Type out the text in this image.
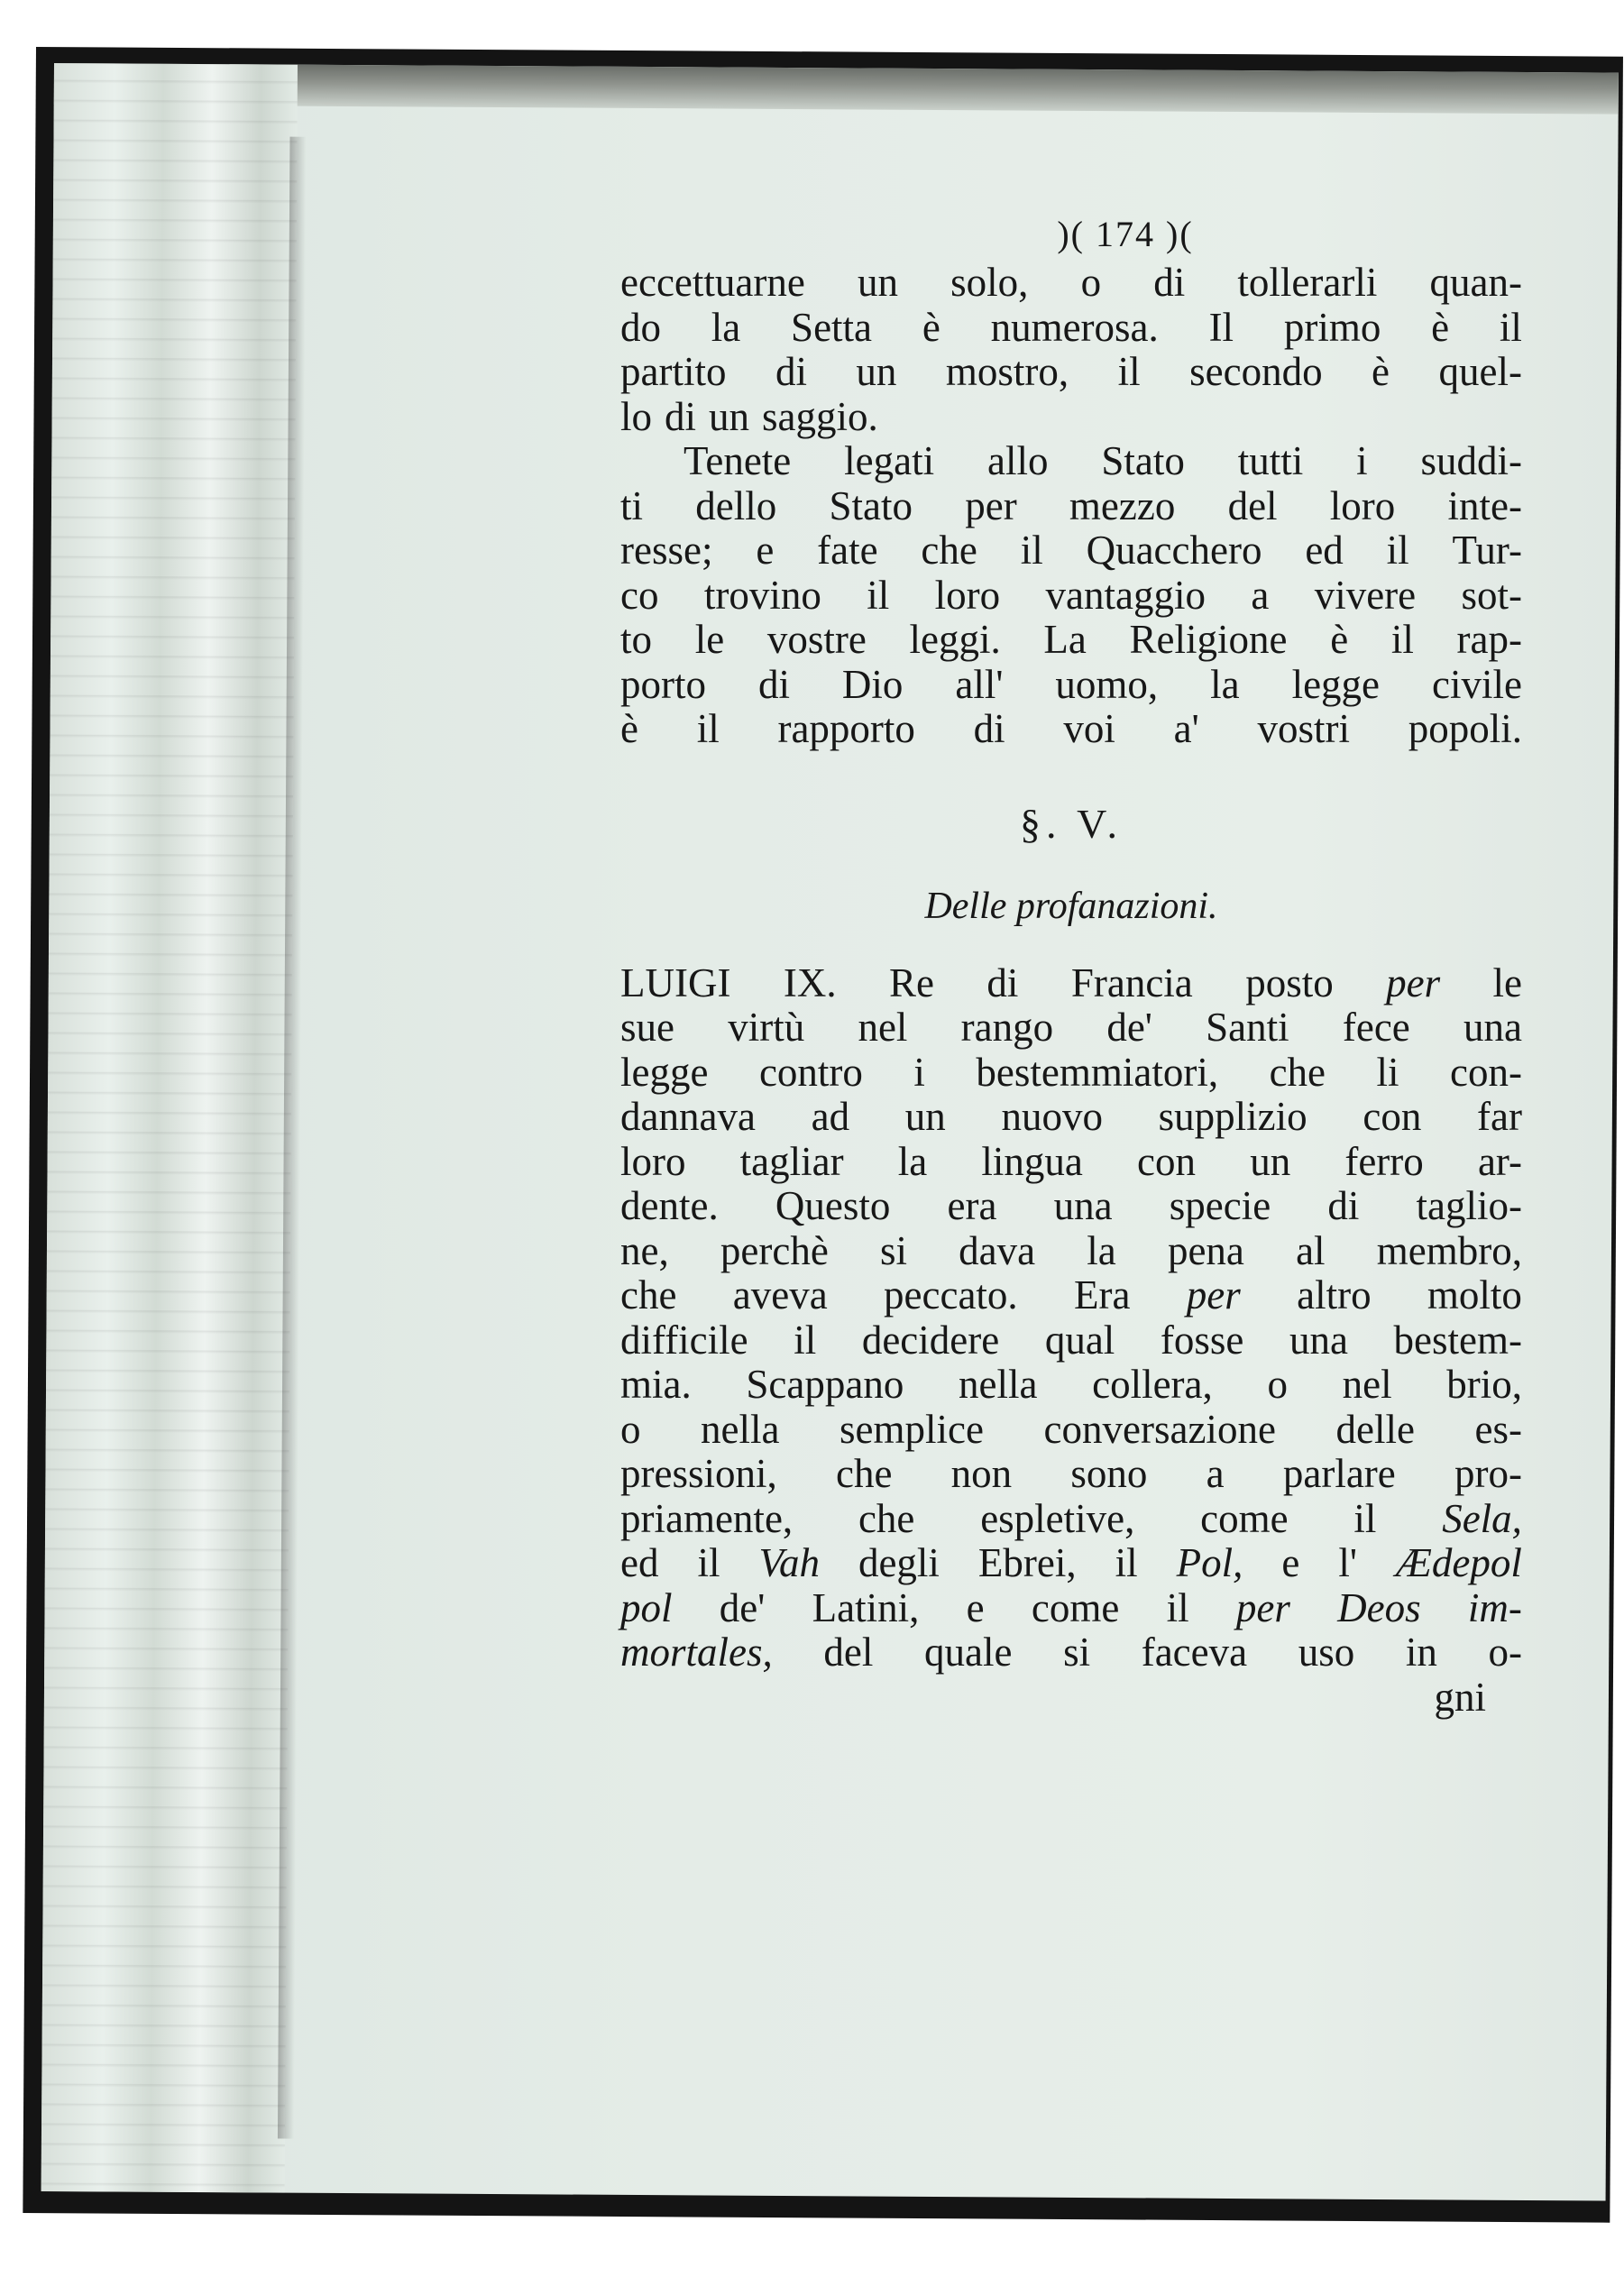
)( 174 )(
eccettuarne un solo, o di tollerarli quan-
do la Setta è numerosa. Il primo è il
partito di un mostro, il secondo è quel-
lo di un saggio.
Tenete legati allo Stato tutti i suddi-
ti dello Stato per mezzo del loro inte-
resse; e fate che il Quacchero ed il Tur-
co trovino il loro vantaggio a vivere sot-
to le vostre leggi. La Religione è il rap-
porto di Dio all' uomo, la legge civile
è il rapporto di voi a' vostri popoli.
§. V.
Delle profanazioni.
LUIGI IX. Re di Francia posto per le
sue virtù nel rango de' Santi fece una
legge contro i bestemmiatori, che li con-
dannava ad un nuovo supplizio con far
loro tagliar la lingua con un ferro ar-
dente. Questo era una specie di taglio-
ne, perchè si dava la pena al membro,
che aveva peccato. Era per altro molto
difficile il decidere qual fosse una bestem-
mia. Scappano nella collera, o nel brio,
o nella semplice conversazione delle es-
pressioni, che non sono a parlare pro-
priamente, che espletive, come il Sela,
ed il Vah degli Ebrei, il Pol, e l' Ædepol
pol de' Latini, e come il per Deos im-
mortales, del quale si faceva uso in o-
gni
